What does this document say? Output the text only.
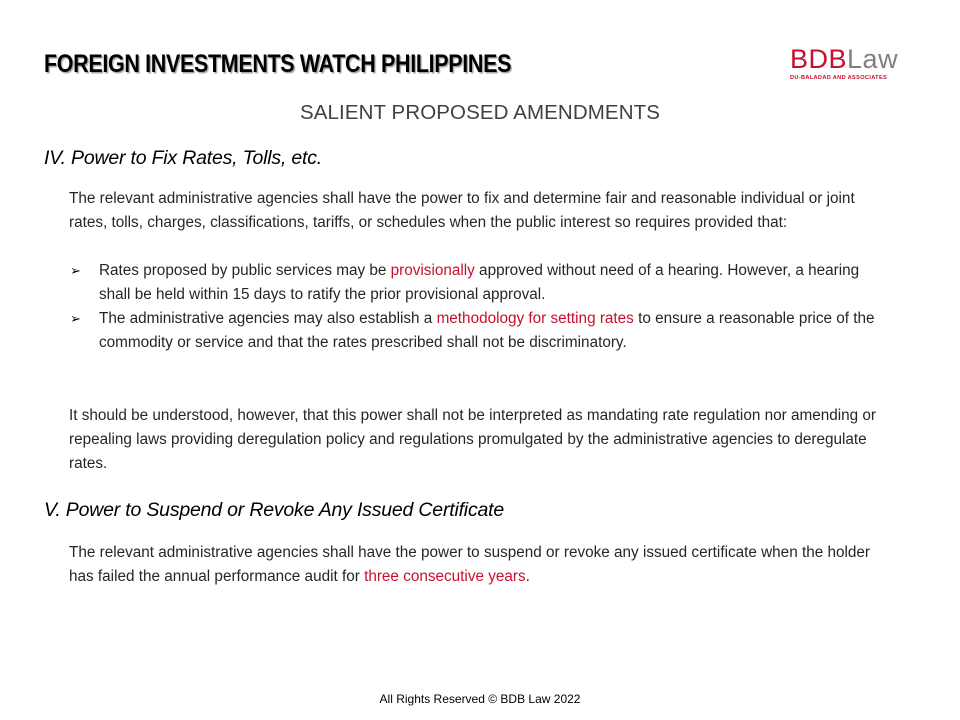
FOREIGN INVESTMENTS WATCH PHILIPPINES	BDBLaw
DU-BALADAD AND ASSOCIATES
SALIENT PROPOSED AMENDMENTS
IV. Power to Fix Rates, Tolls, etc.
The relevant administrative agencies shall have the power to fix and determine fair and reasonable individual or joint rates, tolls, charges, classifications, tariffs, or schedules when the public interest so requires provided that:
➢ Rates proposed by public services may be provisionally approved without need of a hearing. However, a hearing shall be held within 15 days to ratify the prior provisional approval.
➢ The administrative agencies may also establish a methodology for setting rates to ensure a reasonable price of the commodity or service and that the rates prescribed shall not be discriminatory.
It should be understood, however, that this power shall not be interpreted as mandating rate regulation nor amending or repealing laws providing deregulation policy and regulations promulgated by the administrative agencies to deregulate rates.
V. Power to Suspend or Revoke Any Issued Certificate
The relevant administrative agencies shall have the power to suspend or revoke any issued certificate when the holder has failed the annual performance audit for three consecutive years.
All Rights Reserved © BDB Law 2022
